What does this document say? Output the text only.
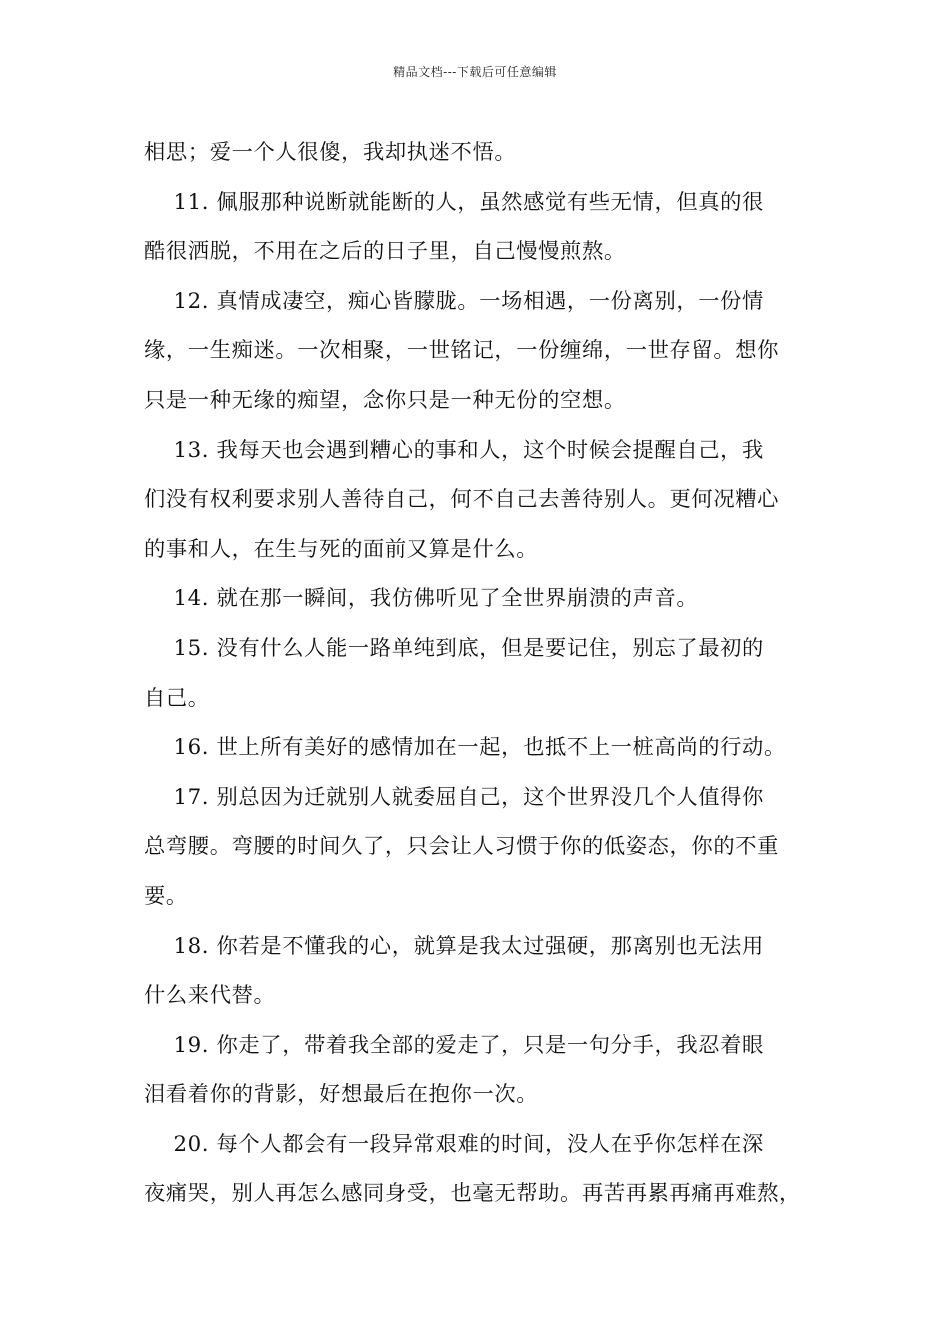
精品文档---下载后可任意编辑

相思；爱一个人很傻，我却执迷不悟。

11. 佩服那种说断就能断的人，虽然感觉有些无情，但真的很

酷很洒脱，不用在之后的日子里，自己慢慢煎熬。

12. 真情成凄空，痴心皆朦胧。一场相遇，一份离别，一份情

缘，一生痴迷。一次相聚，一世铭记，一份缠绵，一世存留。想你

只是一种无缘的痴望，念你只是一种无份的空想。

13. 我每天也会遇到糟心的事和人，这个时候会提醒自己，我

们没有权利要求别人善待自己，何不自己去善待别人。更何况糟心

的事和人，在生与死的面前又算是什么。

14. 就在那一瞬间，我仿佛听见了全世界崩溃的声音。

15. 没有什么人能一路单纯到底，但是要记住，别忘了最初的

自己。

16. 世上所有美好的感情加在一起，也抵不上一桩高尚的行动。

17. 别总因为迁就别人就委屈自己，这个世界没几个人值得你

总弯腰。弯腰的时间久了，只会让人习惯于你的低姿态，你的不重

要。

18. 你若是不懂我的心，就算是我太过强硬，那离别也无法用

什么来代替。

19. 你走了，带着我全部的爱走了，只是一句分手，我忍着眼

泪看着你的背影，好想最后在抱你一次。

20. 每个人都会有一段异常艰难的时间，没人在乎你怎样在深

夜痛哭，别人再怎么感同身受，也毫无帮助。再苦再累再痛再难熬，
